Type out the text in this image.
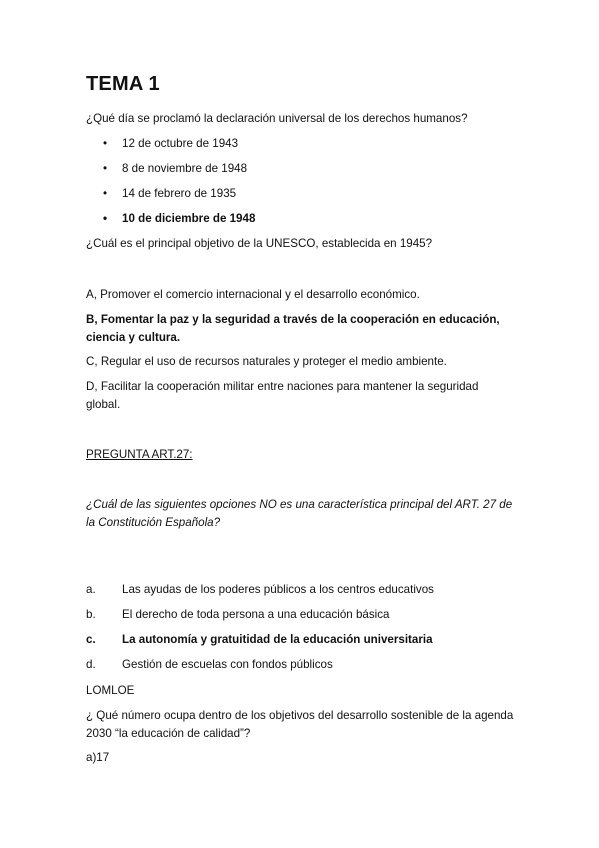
TEMA 1

¿Qué día se proclamó la declaración universal de los derechos humanos?

•	12 de octubre de 1943
•	8 de noviembre de 1948
•	14 de febrero de 1935
•	10 de diciembre de 1948

¿Cuál es el principal objetivo de la UNESCO, establecida en 1945?

A, Promover el comercio internacional y el desarrollo económico.

B, Fomentar la paz y la seguridad a través de la cooperación en educación, ciencia y cultura.

C, Regular el uso de recursos naturales y proteger el medio ambiente.

D, Facilitar la cooperación militar entre naciones para mantener la seguridad global.

PREGUNTA ART.27:

¿Cuál de las siguientes opciones NO es una característica principal del ART. 27 de la Constitución Española?

a. Las ayudas de los poderes públicos a los centros educativos
b. El derecho de toda persona a una educación básica
c. La autonomía y gratuitidad de la educación universitaria
d. Gestión de escuelas con fondos públicos

LOMLOE

¿ Qué número ocupa dentro de los objetivos del desarrollo sostenible de la agenda 2030 “la educación de calidad”?

a)17
